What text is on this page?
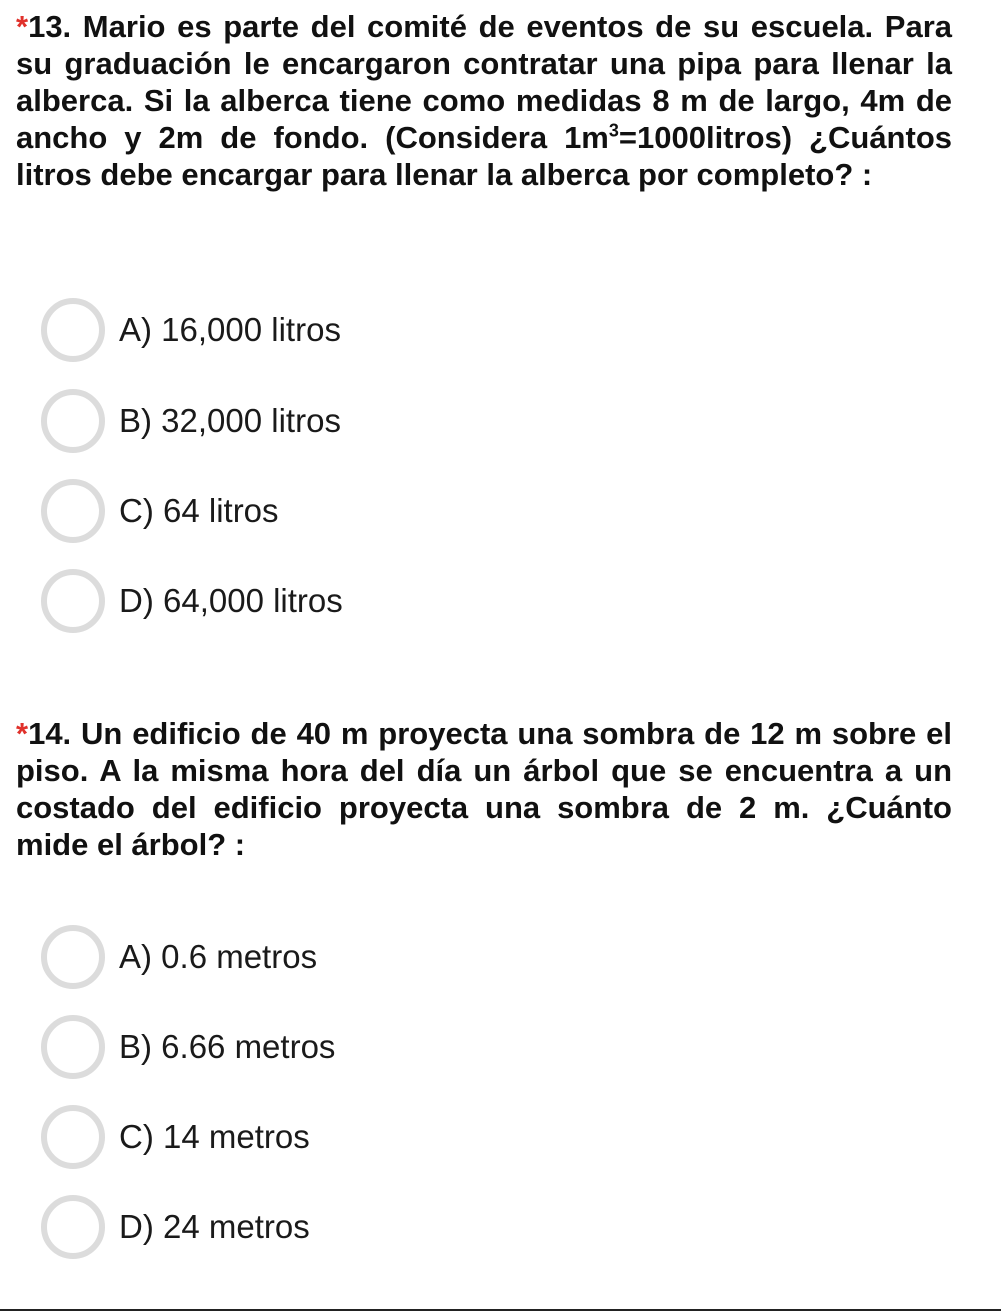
*13. Mario es parte del comité de eventos de su escuela. Para su graduación le encargaron contratar una pipa para llenar la alberca. Si la alberca tiene como medidas 8 m de largo, 4m de ancho y 2m de fondo. (Considera $1m^3=1000litros$) ¿Cuántos litros debe encargar para llenar la alberca por completo? :
A) 16,000 litros
B) 32,000 litros
C) 64 litros
D) 64,000 litros
*14. Un edificio de 40 m proyecta una sombra de 12 m sobre el piso. A la misma hora del día un árbol que se encuentra a un costado del edificio proyecta una sombra de 2 m. ¿Cuánto mide el árbol? :
A) 0.6 metros
B) 6.66 metros
C) 14 metros
D) 24 metros
